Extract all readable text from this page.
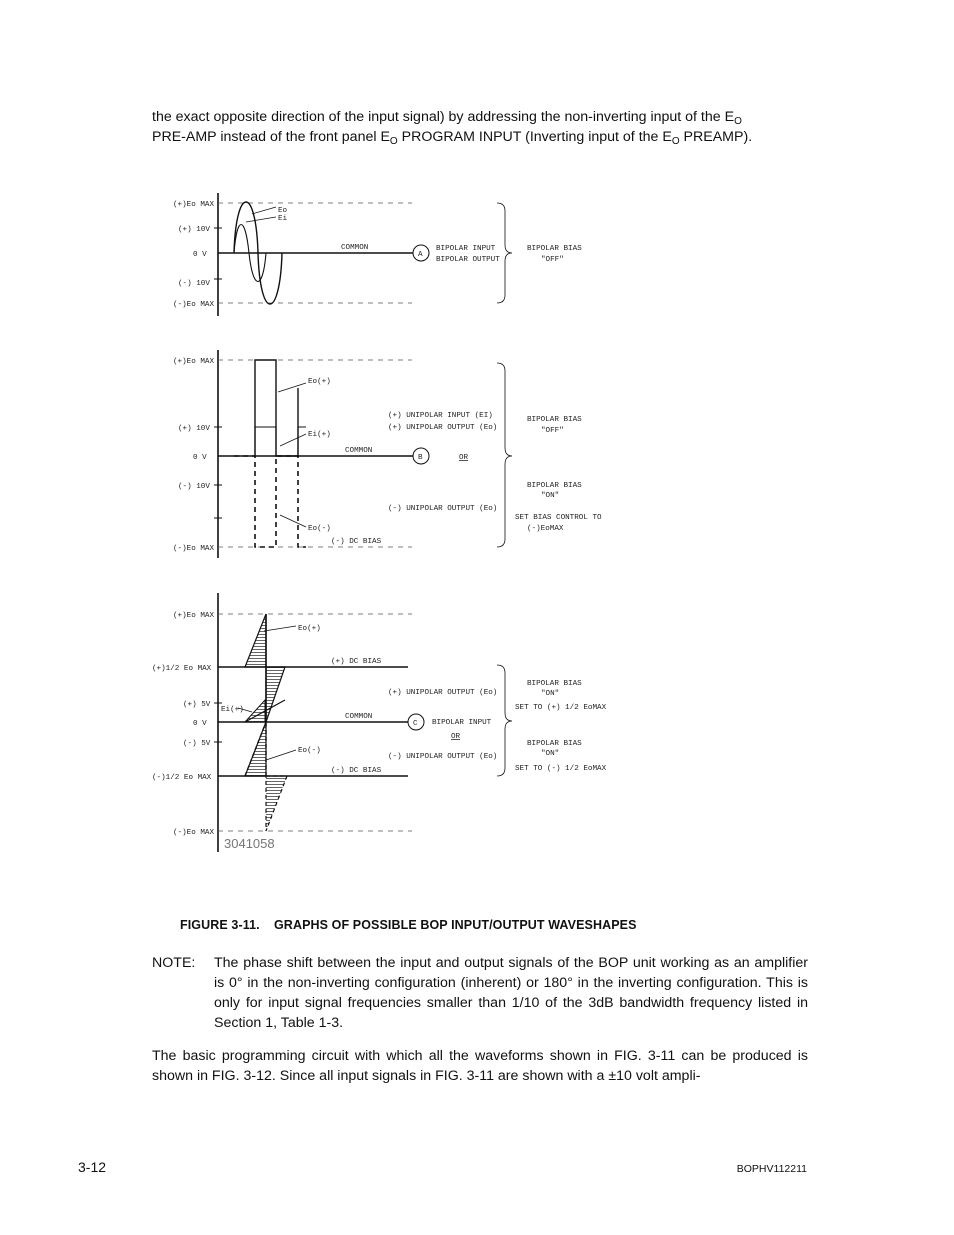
the exact opposite direction of the input signal) by addressing the non-inverting input of the $E_O$
PRE-AMP instead of the front panel $E_O$ PROGRAM INPUT (Inverting input of the $E_O$ PREAMP).
(+)Eo MAX
(+) 10V
0 V
(-) 10V
(-)Eo MAX
Eo
Ei
COMMON
A
BIPOLAR INPUT
BIPOLAR OUTPUT
BIPOLAR BIAS
"OFF"
(+)Eo MAX
(+) 10V
0 V
(-) 10V
(-)Eo MAX
Eo(+)
Ei(+)
Eo(-)
(-) DC BIAS
COMMON
B	OR
(+) UNIPOLAR INPUT (EI)
(+) UNIPOLAR OUTPUT (Eo)
(-) UNIPOLAR OUTPUT (Eo)
BIPOLAR BIAS
"OFF"
BIPOLAR BIAS
"ON"
SET BIAS CONTROL TO
(-)EoMAX
(+)Eo MAX
(+)1/2 Eo MAX
(+) 5V
0 V
(-) 5V
(-)1/2 Eo MAX
(-)Eo MAX
Eo(+)
Ei(+)
Eo(-)
(+) DC BIAS
(-) DC BIAS
COMMON
C BIPOLAR INPUT
OR
(+) UNIPOLAR OUTPUT (Eo)
(-) UNIPOLAR OUTPUT (Eo)
BIPOLAR BIAS
"ON"
SET TO (+) 1/2 EoMAX
BIPOLAR BIAS
"ON"
SET TO (-) 1/2 EoMAX
3041058
FIGURE 3-11.    GRAPHS OF POSSIBLE BOP INPUT/OUTPUT WAVESHAPES
NOTE: The phase shift between the input and output signals of the BOP unit working as an amplifier is 0° in the non-inverting configuration (inherent) or 180° in the inverting configuration. This is only for input signal frequencies smaller than 1/10 of the 3dB bandwidth frequency listed in Section 1, Table 1-3.
The basic programming circuit with which all the waveforms shown in FIG. 3-11 can be produced is shown in FIG. 3-12. Since all input signals in FIG. 3-11 are shown with a ±10 volt ampli-
3-12	BOPHV112211
